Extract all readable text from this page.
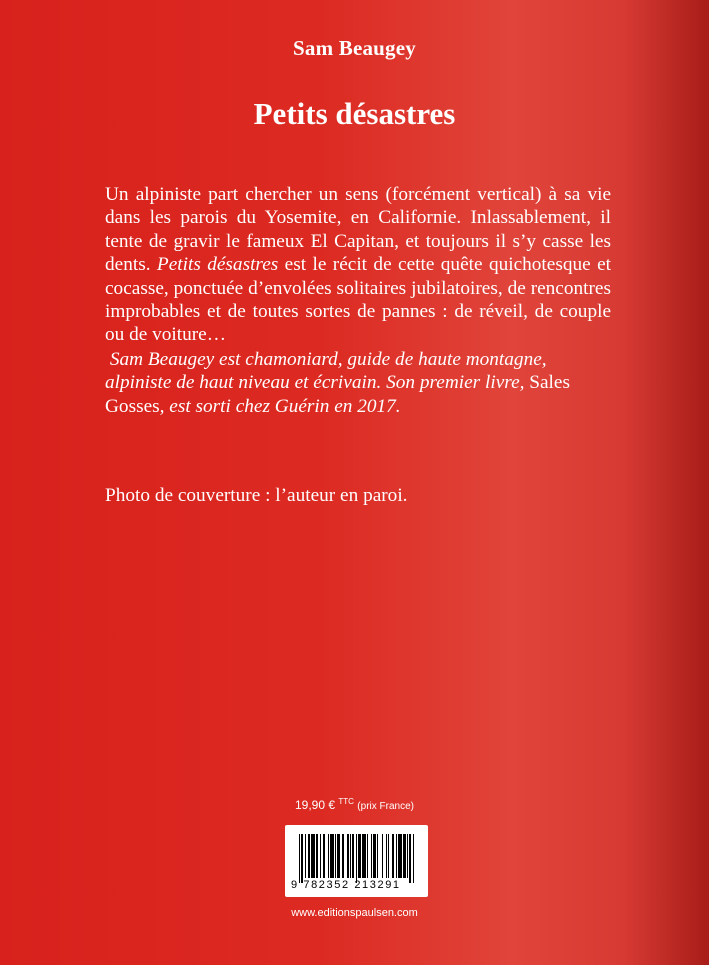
Sam Beaugey
Petits désastres

Un alpiniste part chercher un sens (forcément vertical) à sa vie dans les parois du Yosemite, en Californie. Inlassablement, il tente de gravir le fameux El Capitan, et toujours il s’y casse les dents. Petits désastres est le récit de cette quête quichotesque et cocasse, ponctuée d’envolées solitaires jubilatoires, de rencontres improbables et de toutes sortes de pannes : de réveil, de couple ou de voiture…

Sam Beaugey est chamoniard, guide de haute montagne, alpiniste de haut niveau et écrivain. Son premier livre, Sales Gosses, est sorti chez Guérin en 2017.
Photo de couverture : l’auteur en paroi.
19,90 € $^{TTC}$ (prix France)
9 782352 213291
www.editionspaulsen.com
